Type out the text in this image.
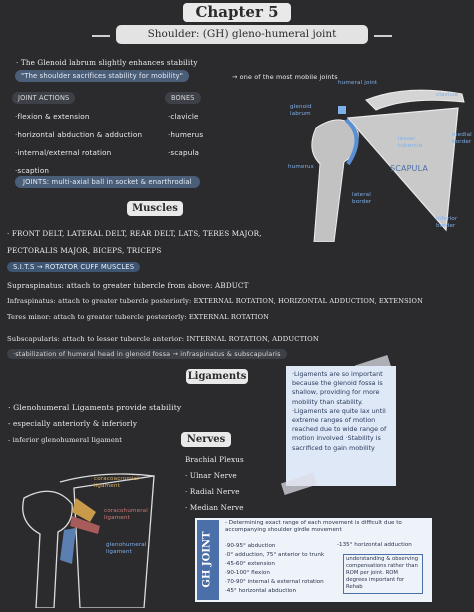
Chapter 5
Shoulder: (GH) gleno-humeral joint
· The Glenoid labrum slightly enhances stability
"The shoulder sacrifices stability for mobility"	→ one of the most mobile joints
JOINT ACTIONS	BONES
·flexion & extension
·horizontal abduction & adduction
·internal/external rotation
·scaption
·clavicle
·humerus
·scapula
JOINTS: multi-axial ball in socket & enarthrodial
humeral joint
clavicle
glenoid labrum
lesser tubercle
medial border
humerus	SCAPULA
lateral border
inferior border
Muscles
· FRONT DELT, LATERAL DELT, REAR DELT, LATS, TERES MAJOR,
PECTORALIS MAJOR, BICEPS, TRICEPS
S.I.T.S → ROTATOR CUFF MUSCLES
Supraspinatus: attach to greater tubercle from above: ABDUCT
Infraspinatus: attach to greater tubercle posteriorly: EXTERNAL ROTATION, HORIZONTAL ADDUCTION, EXTENSION
Teres minor: attach to greater tubercle posteriorly: EXTERNAL ROTATION
Subscapularis: attach to lesser tubercle anterior: INTERNAL ROTATION, ADDUCTION
·stabilization of humeral head in glenoid fossa → infraspinatus & subscapularis
Ligaments
· Glenohumeral Ligaments provide stability
- especially anteriorly & inferiorly
- inferior glenohumeral ligament
·Ligaments are so important because the glenoid fossa is shallow, providing for more mobility than stability. ·Ligaments are quite lax until extreme ranges of motion reached due to wide range of motion involved ·Stability is sacrificed to gain mobility
coracoacromial ligament
coracohumeral ligament
glenohumeral ligament
Nerves
Brachial Plexus
· Ulnar Nerve
· Radial Nerve
· Median Nerve
GH JOINT
- Determining exact range of each movement is difficult due to accompanying shoulder girdle movement
·90-95° abduction
·0° adduction, 75° anterior to trunk
·45-60° extension
·90-100° flexion
·70-90° internal & external rotation
·45° horizontal abduction
-135° horizontal adduction
understanding & observing compensations rather than ROM per joint. ROM degrees important for Rehab
